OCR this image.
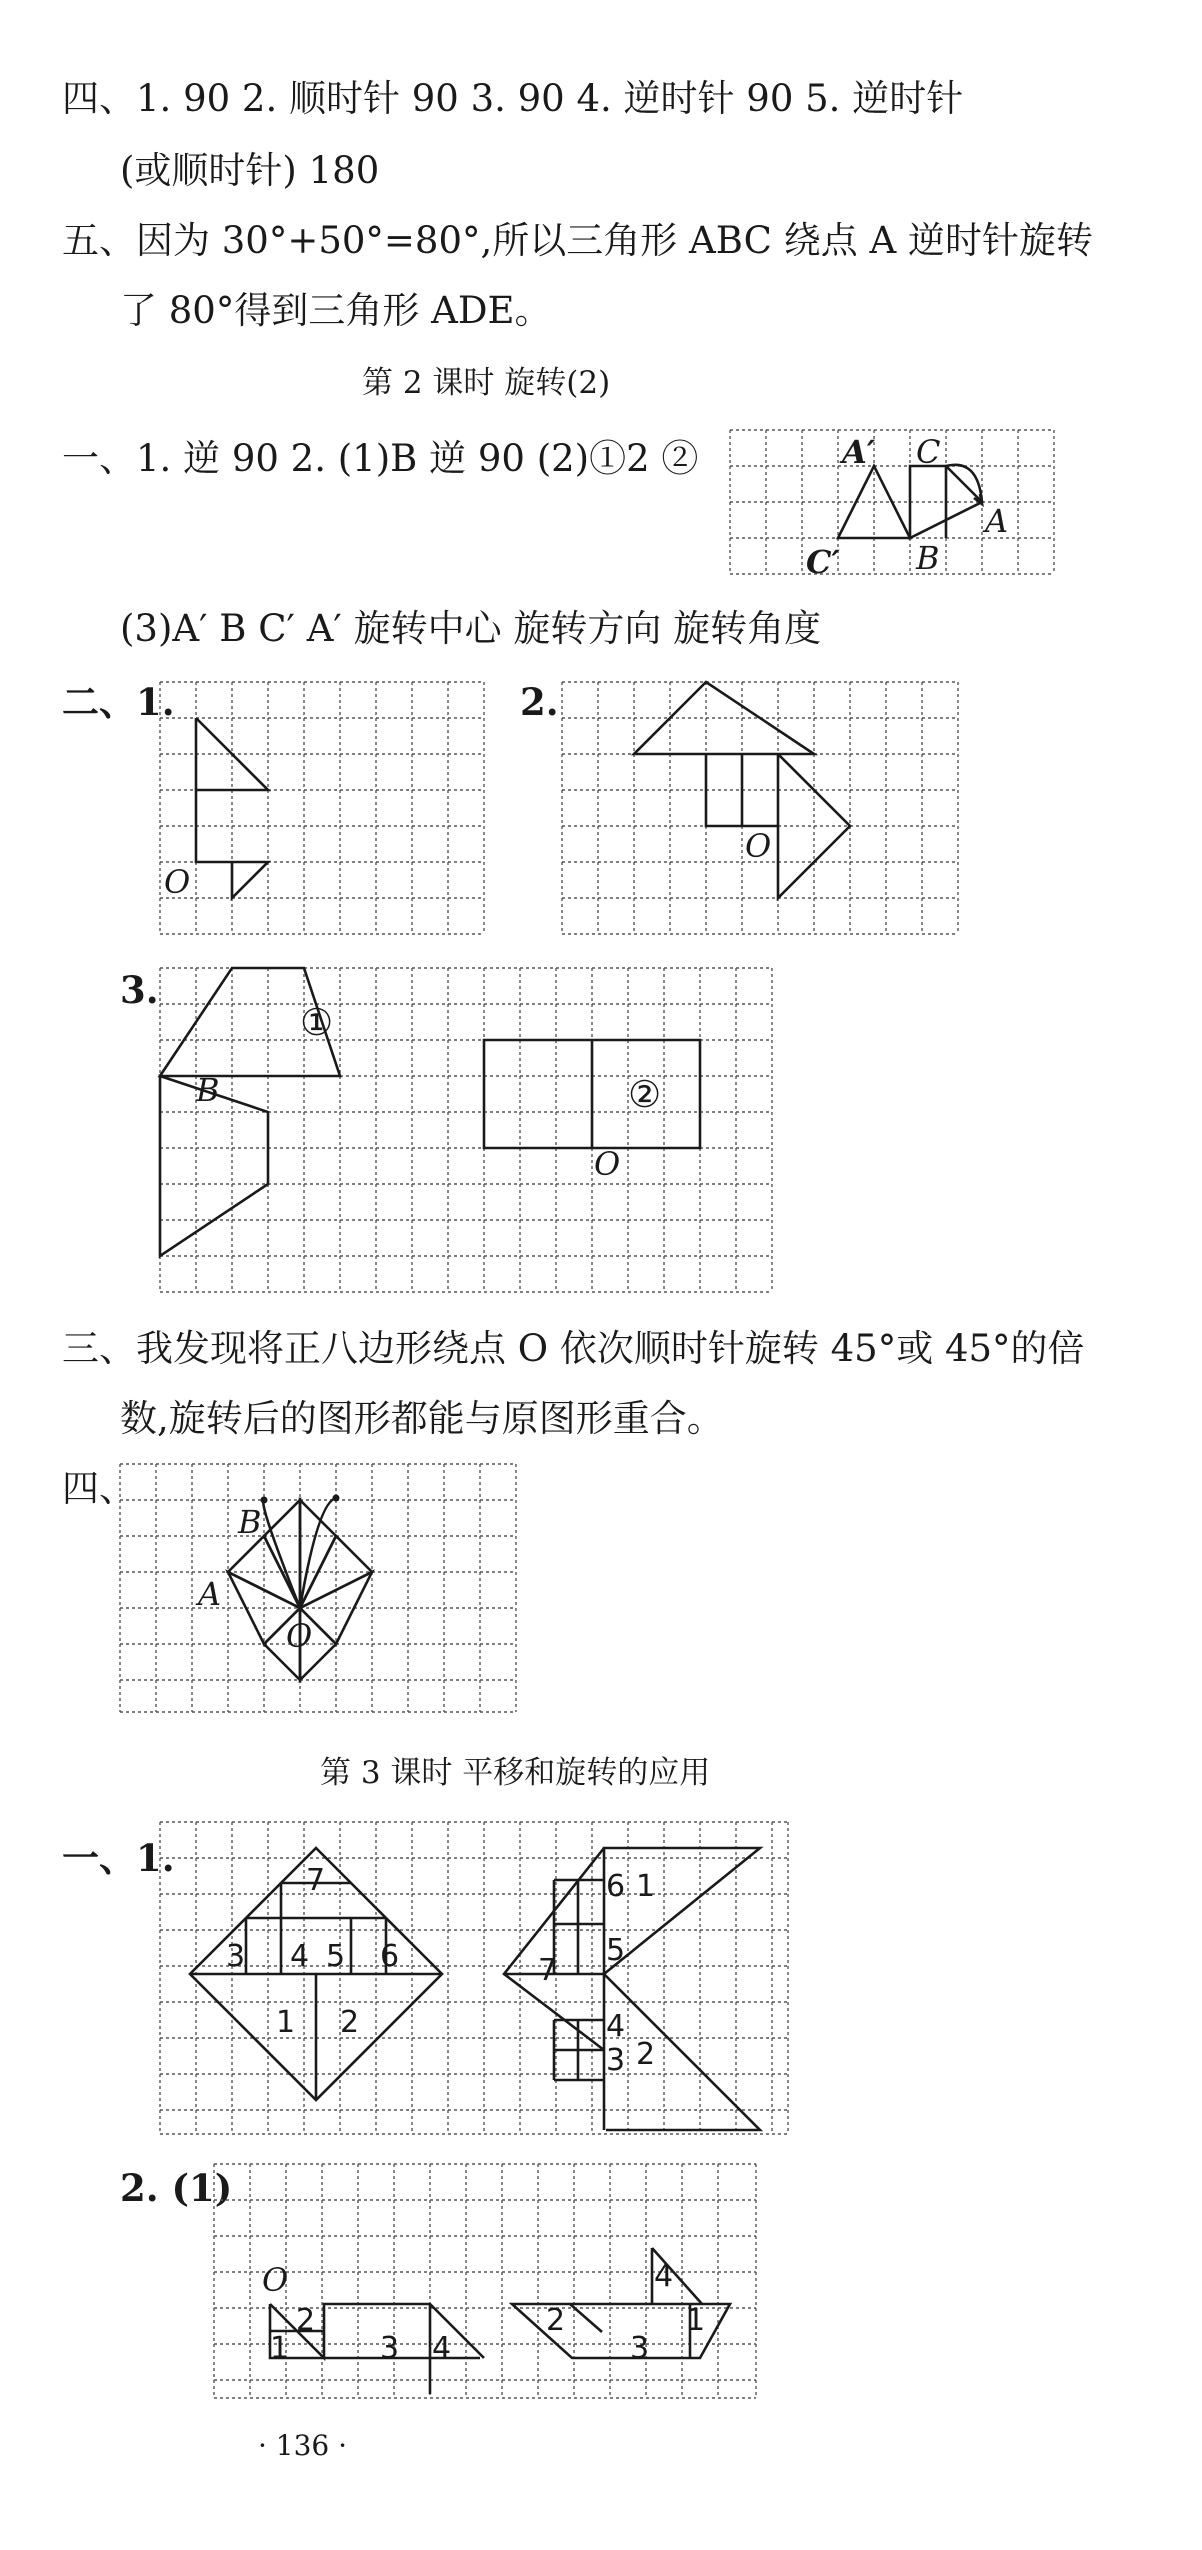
四、1. 90 2. 顺时针 90 3. 90 4. 逆时针 90 5. 逆时针
(或顺时针) 180
五、因为 30°+50°=80°,所以三角形 ABC 绕点 A 逆时针旋转
了 80°得到三角形 ADE。
第 2 课时 旋转(2)
一、1. 逆 90 2. (1)B 逆 90 (2)①2 ②	A′ C
A
C′ B
(3)A′ B C′ A′ 旋转中心 旋转方向 旋转角度
二、1.
O
2.
O
3.
B
①
②
O
三、我发现将正八边形绕点 O 依次顺时针旋转 45°或 45°的倍
数,旋转后的图形都能与原图形重合。
四、
B
A
O
第 3 课时 平移和旋转的应用
一、1.
7
3 4 5 6
1 2
6 1
7
5
4
3 2
2. (1)
O
2
1	3 4
4
2	1
3
· 136 ·
